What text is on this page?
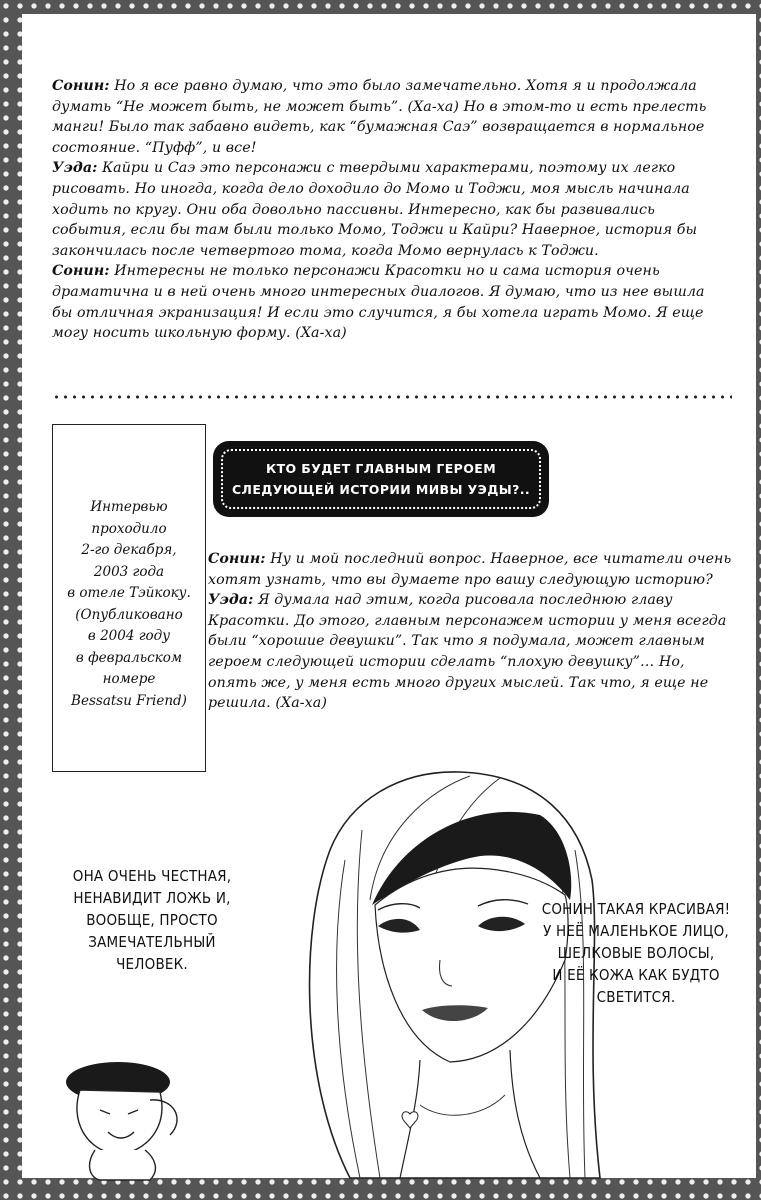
Сонин: Но я все равно думаю, что это было замечательно. Хотя я и продолжала думать “Не может быть, не может быть”. (Ха-ха) Но в этом-то и есть прелесть манги! Было так забавно видеть, как “бумажная Саэ” возвращается в нормальное состояние. “Пуфф”, и все!

Уэда: Кайри и Саэ это персонажи с твердыми характерами, поэтому их легко рисовать. Но иногда, когда дело доходило до Момо и Тоджи, моя мысль начинала ходить по кругу. Они оба довольно пассивны. Интересно, как бы развивались события, если бы там были только Момо, Тоджи и Кайри? Наверное, история бы закончилась после четвертого тома, когда Момо вернулась к Тоджи.

Сонин: Интересны не только персонажи Красотки но и сама история очень драматична и в ней очень много интересных диалогов. Я думаю, что из нее вышла бы отличная экранизация! И если это случится, я бы хотела играть Момо. Я еще могу носить школьную форму. (Ха-ха)

Интервью
проходило
2-го декабря,
2003 года
в отеле Тэйкоку.
(Опубликовано
в 2004 году
в февральском
номере
Bessatsu Friend)
КТО БУДЕТ ГЛАВНЫМ ГЕРОЕМ
СЛЕДУЮЩЕЙ ИСТОРИИ МИВЫ УЭДЫ?..

Сонин: Ну и мой последний вопрос. Наверное, все читатели очень хотят узнать, что вы думаете про вашу следующую историю?

Уэда: Я думала над этим, когда рисовала последнюю главу Красотки. До этого, главным персонажем истории у меня всегда были “хорошие девушки”. Так что я подумала, может главным героем следующей истории сделать “плохую девушку”… Но, опять же, у меня есть много других мыслей. Так что, я еще не решила. (Ха-ха)

ОНА ОЧЕНЬ ЧЕСТНАЯ,
НЕНАВИДИТ ЛОЖЬ И,
ВООБЩЕ, ПРОСТО
ЗАМЕЧАТЕЛЬНЫЙ
ЧЕЛОВЕК.
СОНИН ТАКАЯ КРАСИВАЯ!
У НЕЁ МАЛЕНЬКОЕ ЛИЦО,
ШЕЛКОВЫЕ ВОЛОСЫ,
И ЕЁ КОЖА КАК БУДТО
СВЕТИТСЯ.
